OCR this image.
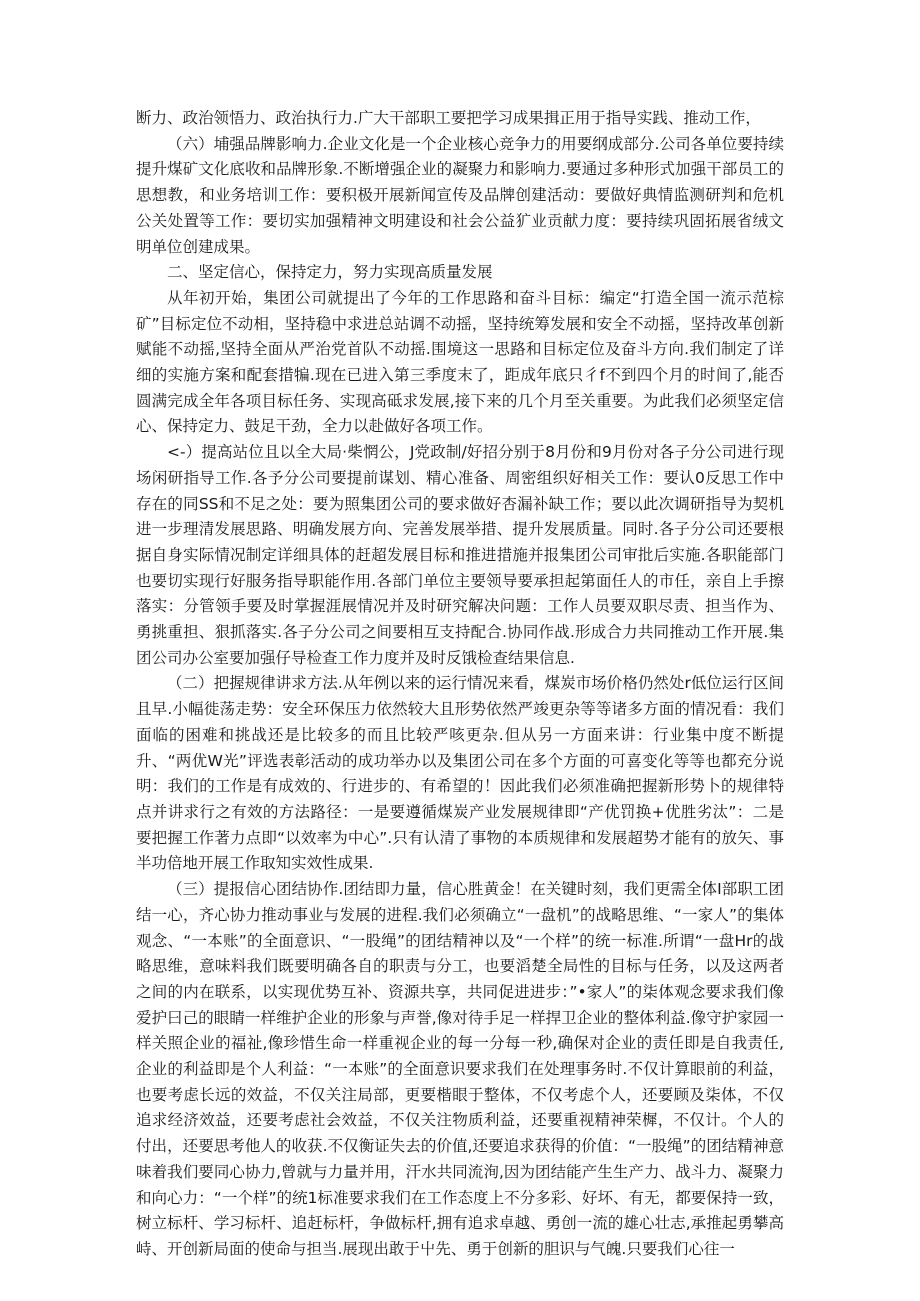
断力、政治领悟力、政治执行力.广大干部职工要把学习成果揖正用于指导实践、推动工作，

（六）埔强品牌影响力.企业文化是一个企业核心竞争力的用要纲成部分.公司各单位要持续提升煤矿文化底收和品牌形象.不断增强企业的凝聚力和影响力.要通过多种形式加强干部员工的思想教，和业务培训工作：要积极开展新闻宣传及品牌创建活动：要做好典情监测研判和危机公关处置等工作：要切实加强精神文明建设和社会公益犷业贡献力度：要持续巩固拓展省绒文明单位创建成果。

二、坚定信心，保持定力，努力实现高质量发展

从年初开始，集团公司就提出了今年的工作思路和奋斗目标：编定“打造全国一流示范棕矿”目标定位不动相，坚持稳中求进总站调不动摇，坚持统筹发展和安全不动摇，坚持改革创新赋能不动摇,坚持全面从严治党首队不动摇.围境这一思路和目标定位及奋斗方向.我们制定了详细的实施方案和配套措犏.现在已进入第三季度末了，距成年底只彳f不到四个月的时间了,能否圆满完成全年各项目标任务、实现高砥求发展,接下来的几个月至关重要。为此我们必须坚定信心、保持定力、鼓足干劲，全力以赴做好各项工作。

<-）提高站位且以全大局·柴惘公，J党政制/好招分别于8月份和9月份对各子分公司进行现场闲研指导工作.各予分公司要提前谋划、精心准备、周密组织好相关工作：要认0反思工作中存在的同SS和不足之处：要为照集团公司的要求做好杏漏补缺工作；要以此次调研指导为契机进一步理清发展思路、明确发展方向、完善发展举措、提升发展质量。同时.各子分公司还要根据自身实际情况制定详细具体的赶超发展目标和推进措施并报集团公司审批后实施.各职能部门也要切实现行好服务指导职能作用.各部门单位主要领导要承担起第面任人的市任，亲自上手擦落实：分管领手要及时掌握涯展情况并及时研究解决问题：工作人员要双职尽责、担当作为、勇挑重担、狠抓落实.各子分公司之间要相互支持配合.协同作战.形成合力共同推动工作开展.集团公司办公室要加强仔导检查工作力度并及时反饿检查结果信息.

（二）把握规律讲求方法.从年例以来的运行情况来看，煤炭市场价格仍然处r低位运行区间且早.小幅徙荡走势：安全环保压力依然较大且形势依然严竣更杂等等诸多方面的情况看：我们面临的困难和挑战还是比较多的而且比较严咳更杂.但从另一方面来讲：行业集中度不断提升、“两优W光”评选表彰活动的成功举办以及集团公司在多个方面的可喜变化等等也都充分说明：我们的工作是有成效的、行进步的、有希望的！因此我们必须准确把握新形势卜的规律特点并讲求行之有效的方法路径：一是要遵循煤炭产业发展规律即“产优罚换+优胜劣汰”：二是要把握工作著力点即“以效率为中心”.只有认清了事物的本质规律和发展超势才能有的放矢、事半功倍地开展工作取知实效性成果.

（三）提报信心团结协作.团结即力量，信心胜黄金！在关键时刻，我们更需全体I部职工团结一心，齐心协力推动事业与发展的进程.我们必须确立“一盘机”的战略思维、“一家人”的集体观念、“一本账”的全面意识、“一股绳”的团结精神以及“一个样”的统一标准.所谓“一盘Hr的战略思维，意味料我们既要明确各自的职责与分工，也要滔楚全局性的目标与任务，以及这两者之间的内在联系，以实现优势互补、资源共享，共同促进进步：”•家人”的柒体观念要求我们像爱护曰己的眼睛一样维护企业的形象与声誉,像对待手足一样捍卫企业的整体利益.像守护家园一样关照企业的福祉,像珍惜生命一样重视企业的每一分每一秒,确保对企业的责任即是自我责任,企业的利益即是个人利益：“一本账”的全面意识要求我们在处理事务时.不仅计算眼前的利益，也要考虑长远的效益，不仅关注局部，更要楷眼于整体，不仅考虑个人，还要顾及柒体，不仅追求经济效益，还要考虑社会效益，不仅关注物质利益，还要重视精神荣樨，不仅计。个人的付出，还要思考他人的收获.不仅衡证失去的价值,还要追求获得的价值：“一股绳”的团结精神意味着我们要同心协力,曾就与力量并用，汗水共同流洵,因为团结能产生生产力、战斗力、凝聚力和向心力：“一个样”的统1标准要求我们在工作态度上不分多彩、好坏、有无，都要保持一致，树立标杆、学习标杆、追赶标杆，争做标杆,拥有追求卓越、勇创一流的雄心壮志,承推起勇攀高峙、开创新局面的使命与担当.展现出敢于屮先、勇于创新的胆识与气魄.只要我们心往一
